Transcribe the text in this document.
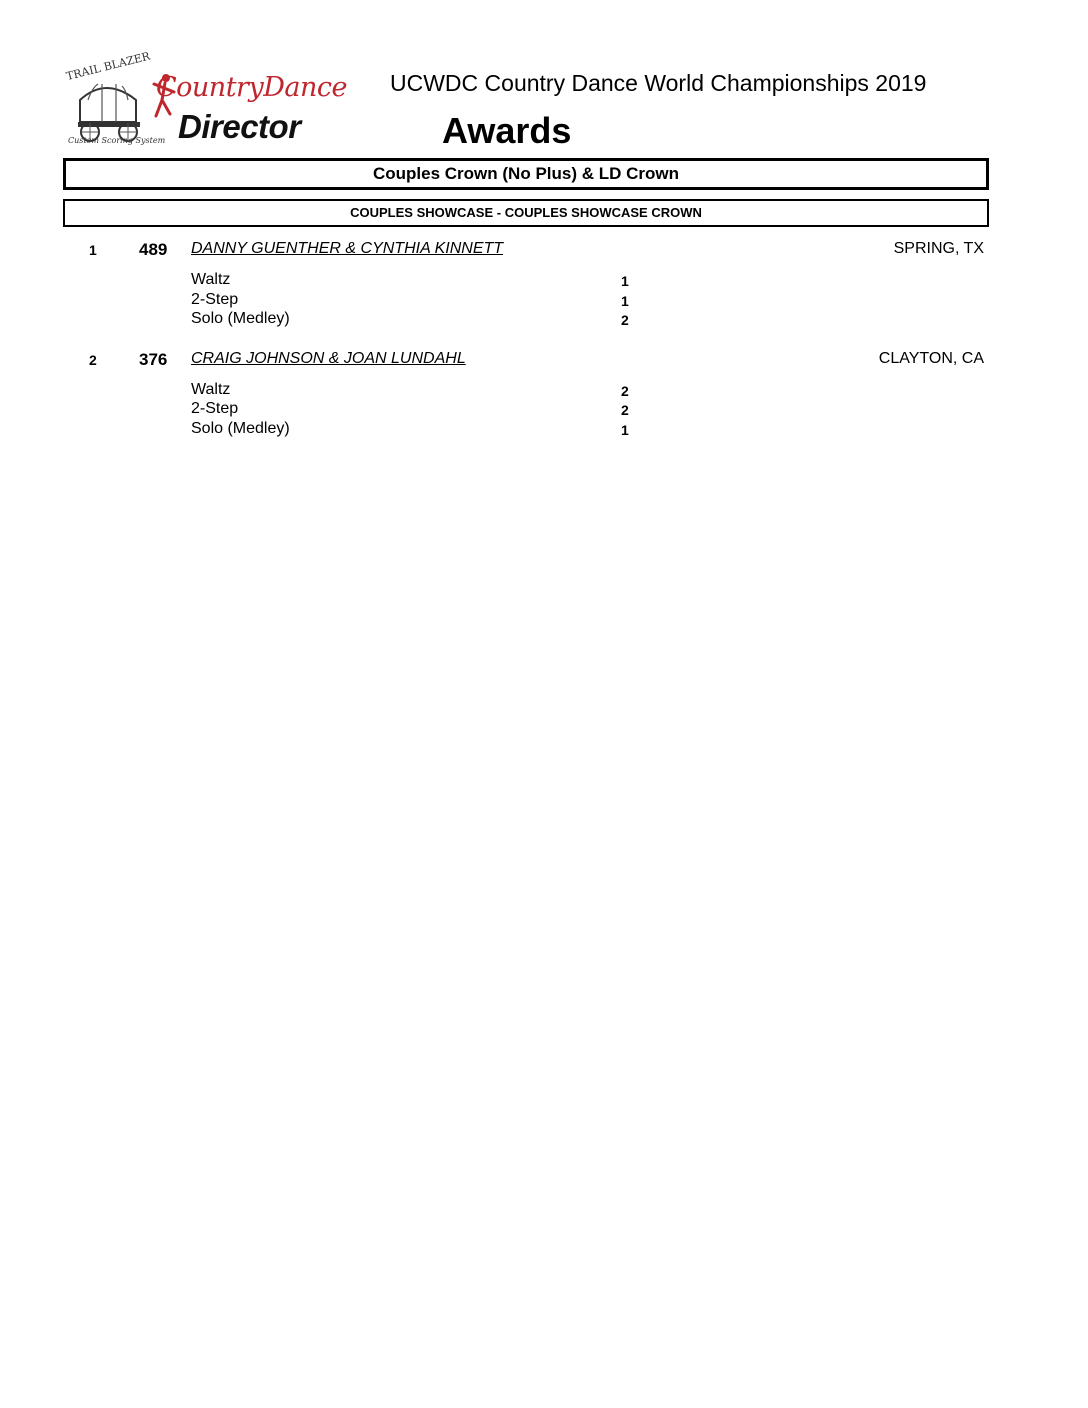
TRAIL BLAZER
CountryDance
Director
Custom Scoring System
UCWDC Country Dance World Championships 2019
Awards
Couples Crown (No Plus) & LD Crown
COUPLES SHOWCASE - COUPLES SHOWCASE CROWN
1 489 DANNY GUENTHER & CYNTHIA KINNETT	SPRING, TX
Waltz	1
2-Step	1
Solo (Medley)	2
2 376 CRAIG JOHNSON & JOAN LUNDAHL	CLAYTON, CA
Waltz	2
2-Step	2
Solo (Medley)	1
